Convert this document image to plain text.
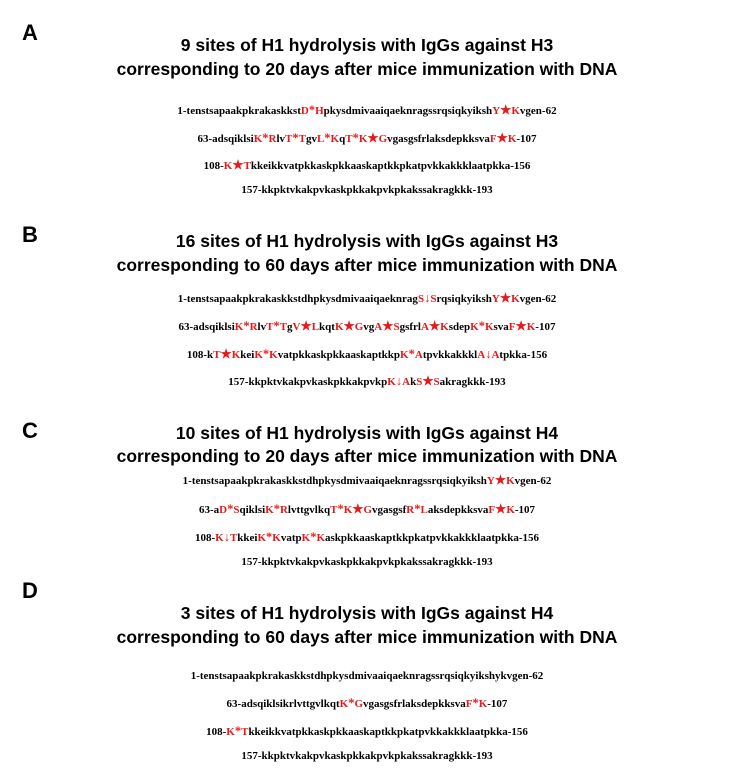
A	9 sites of H1 hydrolysis with IgGs against H3
corresponding to 20 days after mice immunization with DNA
1-tenstsapaakpkrakaskkstD*HpkysdmivaaiqaeknragssrqsiqkyikshY★Kvgen-62
63-adsqiklsiK*RlvT*TgvL*KqT*K★GvgasgsfrlaksdepkksvaF★K-107
108-K★Tkkeikkvatpkkaskpkkaaskaptkkpkatpvkkakkklaatpkka-156
157-kkpktvkakpvkaskpkkakpvkpkakssakragkkk-193
B	16 sites of H1 hydrolysis with IgGs against H3
corresponding to 60 days after mice immunization with DNA
1-tenstsapaakpkrakaskkstdhpkysdmivaaiqaeknragS↓SrqsiqkyikshY★Kvgen-62
63-adsqiklsiK*RlvT*TgV★LkqtK★GvgA★SgsfrlA★KsdepK*KsvaF★K-107
108-kT★KkeiK*KvatpkkaskpkkaaskaptkkpK*AtpvkkakkklA↓Atpkka-156
157-kkpktvkakpvkaskpkkakpvkpK↓AkS★Sakragkkk-193
C	10 sites of H1 hydrolysis with IgGs against H4
corresponding to 20 days after mice immunization with DNA
1-tenstsapaakpkrakaskkstdhpkysdmivaaiqaeknragssrqsiqkyikshY★Kvgen-62
63-aD*SqiklsiK*RlvttgvlkqT*K★GvgasgsfR*LaksdepkksvaF★K-107
108-K↓TkkeiK*KvatpK*Kaskpkkaaskaptkkpkatpvkkakkklaatpkka-156
157-kkpktvkakpvkaskpkkakpvkpkakssakragkkk-193
D
3 sites of H1 hydrolysis with IgGs against H4
corresponding to 60 days after mice immunization with DNA
1-tenstsapaakpkrakaskkstdhpkysdmivaaiqaeknragssrqsiqkyikshykvgen-62
63-adsqiklsikrlvttgvlkqtK*GvgasgsfrlaksdepkksvaF*K-107
108-K*Tkkeikkvatpkkaskpkkaaskaptkkpkatpvkkakkklaatpkka-156
157-kkpktvkakpvkaskpkkakpvkpkakssakragkkk-193
